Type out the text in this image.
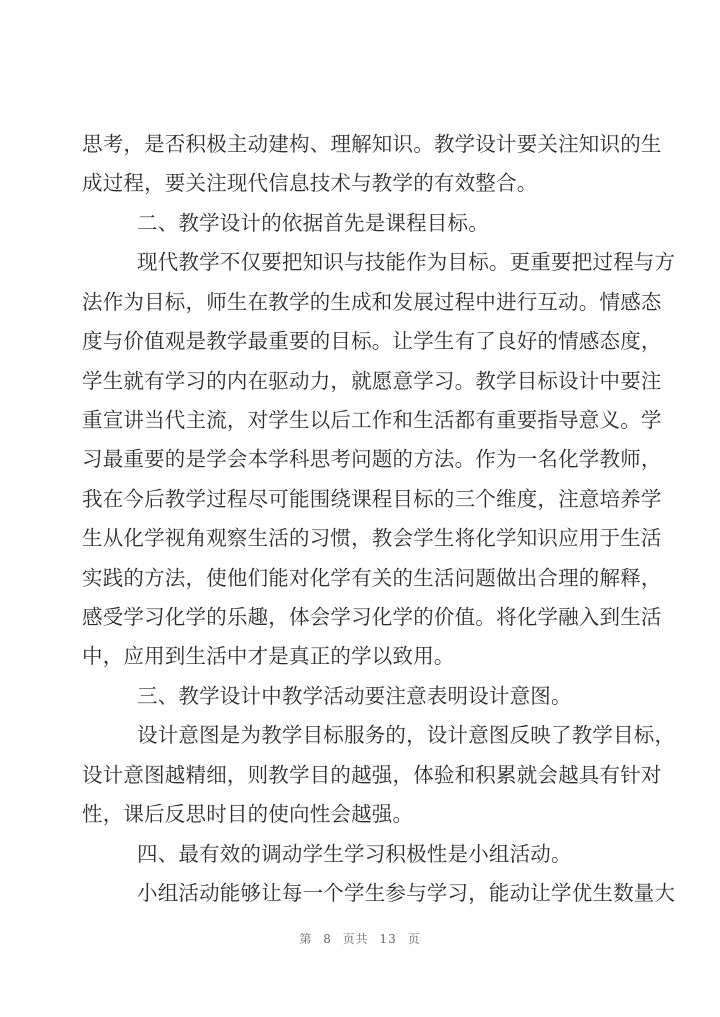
思考，是否积极主动建构、理解知识。教学设计要关注知识的生
成过程，要关注现代信息技术与教学的有效整合。
二、教学设计的依据首先是课程目标。
现代教学不仅要把知识与技能作为目标。更重要把过程与方
法作为目标，师生在教学的生成和发展过程中进行互动。情感态
度与价值观是教学最重要的目标。让学生有了良好的情感态度，
学生就有学习的内在驱动力，就愿意学习。教学目标设计中要注
重宣讲当代主流，对学生以后工作和生活都有重要指导意义。学
习最重要的是学会本学科思考问题的方法。作为一名化学教师，
我在今后教学过程尽可能围绕课程目标的三个维度，注意培养学
生从化学视角观察生活的习惯，教会学生将化学知识应用于生活
实践的方法，使他们能对化学有关的生活问题做出合理的解释，
感受学习化学的乐趣，体会学习化学的价值。将化学融入到生活
中，应用到生活中才是真正的学以致用。
三、教学设计中教学活动要注意表明设计意图。
设计意图是为教学目标服务的，设计意图反映了教学目标，
设计意图越精细，则教学目的越强，体验和积累就会越具有针对
性，课后反思时目的使向性会越强。
四、最有效的调动学生学习积极性是小组活动。
第 8 页共 13 页
小组活动能够让每一个学生参与学习，能动让学优生数量大
